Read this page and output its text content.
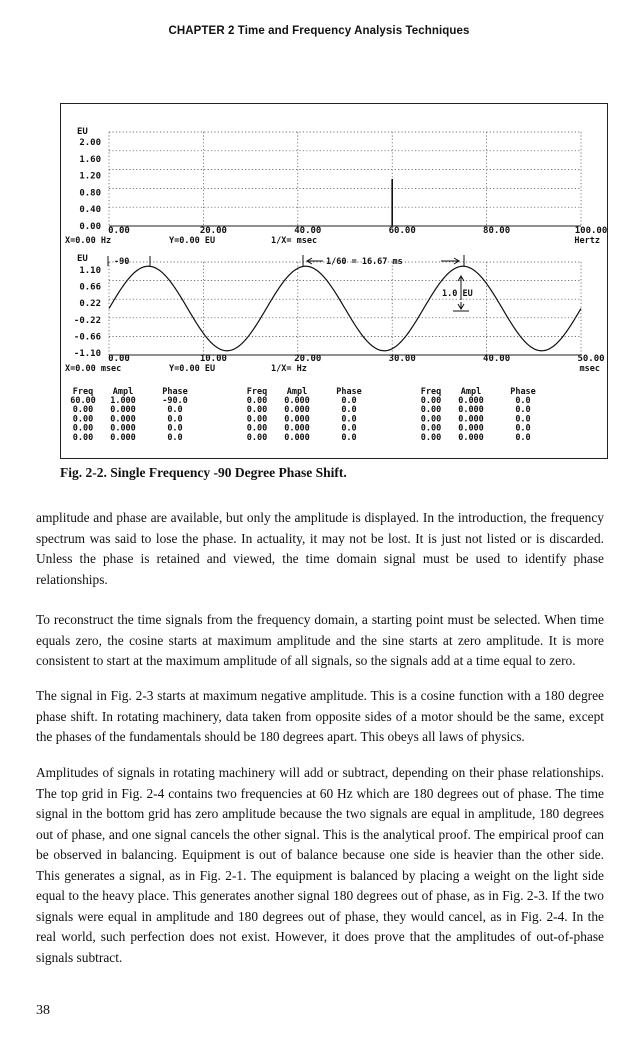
CHAPTER 2 Time and Frequency Analysis Techniques
EU
2.00
1.60
1.20
0.80
0.40
0.00 0.00	20.00	40.00	60.00	80.00	100.00
X=0.00 Hz	Y=0.00 EU	1/X= msec	Hertz
EU
1.10
0.66
0.22
-0.22
-0.66
-1.10 0.00	10.00	20.00	30.00	40.00	50.00
-90	1/60 = 16.67 ms
1.0 EU
X=0.00 msec	Y=0.00 EU	1/X= Hz	msec
Freq Ampl	Phase
60.00 1.000	-90.0
0.00 0.000	0.0
0.00 0.000	0.0
0.00 0.000	0.0
0.00 0.000	0.0
Freq Ampl	Phase
0.00 0.000	0.0
0.00 0.000	0.0
0.00 0.000	0.0
0.00 0.000	0.0
0.00 0.000	0.0
Freq Ampl	Phase
0.00 0.000	0.0
0.00 0.000	0.0
0.00 0.000	0.0
0.00 0.000	0.0
0.00 0.000	0.0
Fig. 2-2. Single Frequency -90 Degree Phase Shift.

amplitude and phase are available, but only the amplitude is displayed. In the introduction, the frequency spectrum was said to lose the phase. In actuality, it may not be lost. It is just not listed or is discarded. Unless the phase is retained and viewed, the time domain signal must be used to identify phase relationships.

To reconstruct the time signals from the frequency domain, a starting point must be selected. When time equals zero, the cosine starts at maximum amplitude and the sine starts at zero amplitude. It is more consistent to start at the maximum amplitude of all signals, so the signals add at a time equal to zero.

The signal in Fig. 2-3 starts at maximum negative amplitude. This is a cosine function with a 180 degree phase shift. In rotating machinery, data taken from opposite sides of a motor should be the same, except the phases of the fundamentals should be 180 degrees apart. This obeys all laws of physics.

Amplitudes of signals in rotating machinery will add or subtract, depending on their phase relationships. The top grid in Fig. 2-4 contains two frequencies at 60 Hz which are 180 degrees out of phase. The time signal in the bottom grid has zero amplitude because the two signals are equal in amplitude, 180 degrees out of phase, and one signal cancels the other signal. This is the analytical proof. The empirical proof can be observed in balancing. Equipment is out of balance because one side is heavier than the other side. This generates a signal, as in Fig. 2-1. The equipment is balanced by placing a weight on the light side equal to the heavy place. This generates another signal 180 degrees out of phase, as in Fig. 2-3. If the two signals were equal in amplitude and 180 degrees out of phase, they would cancel, as in Fig. 2-4. In the real world, such perfection does not exist. However, it does prove that the amplitudes of out-of-phase signals subtract.

38
